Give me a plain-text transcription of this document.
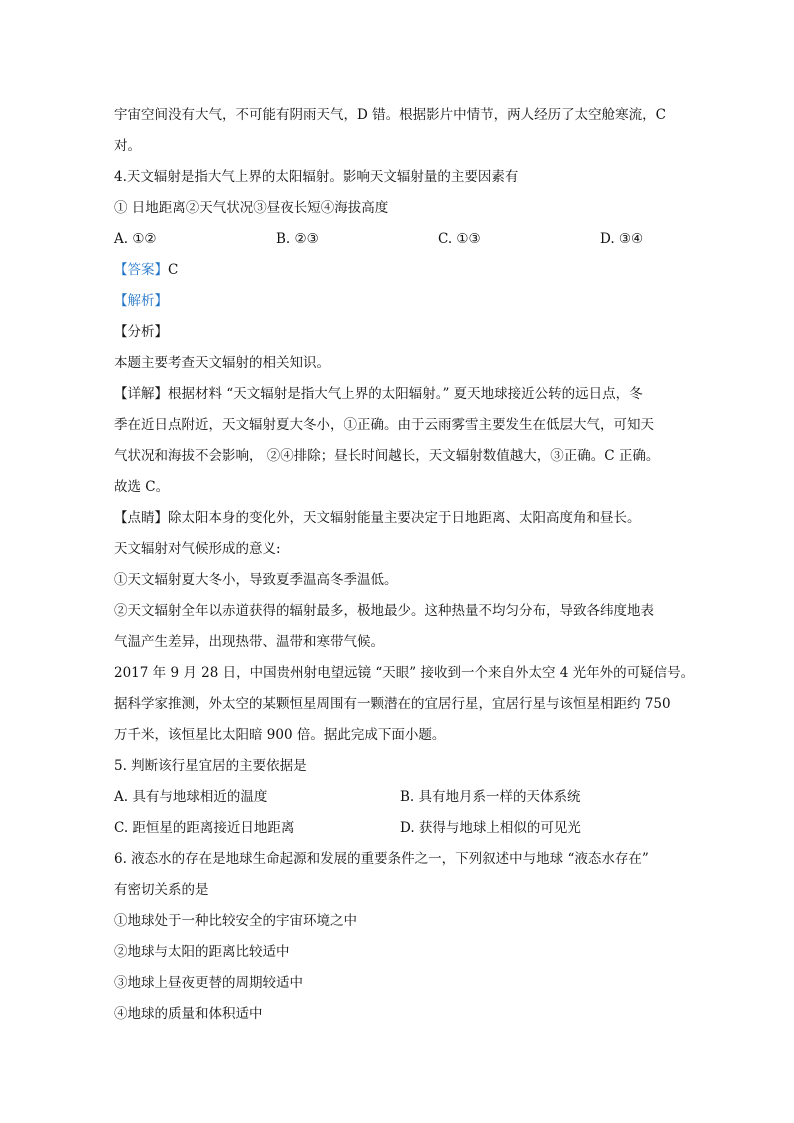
宇宙空间没有大气，不可能有阴雨天气，D 错。根据影片中情节，两人经历了太空舱寒流，C
对。
4.天文辐射是指大气上界的太阳辐射。影响天文辐射量的主要因素有
① 日地距离②天气状况③昼夜长短④海拔高度
A. ①②	B. ②③	C. ①③	D. ③④
【答案】C
【解析】
【分析】
本题主要考查天文辐射的相关知识。
【详解】根据材料 “天文辐射是指大气上界的太阳辐射。” 夏天地球接近公转的远日点，冬
季在近日点附近，天文辐射夏大冬小，①正确。由于云雨雾雪主要发生在低层大气，可知天
气状况和海拔不会影响， ②④排除；昼长时间越长，天文辐射数值越大，③正确。C 正确。
故选 C。
【点睛】除太阳本身的变化外，天文辐射能量主要决定于日地距离、太阳高度角和昼长。
天文辐射对气候形成的意义:
①天文辐射夏大冬小，导致夏季温高冬季温低。
②天文辐射全年以赤道获得的辐射最多，极地最少。这种热量不均匀分布，导致各纬度地表
气温产生差异，出现热带、温带和寒带气候。
2017 年 9 月 28 日，中国贵州射电望远镜 “天眼” 接收到一个来自外太空 4 光年外的可疑信号。
据科学家推测，外太空的某颗恒星周围有一颗潜在的宜居行星，宜居行星与该恒星相距约 750
万千米，该恒星比太阳暗 900 倍。据此完成下面小题。
5. 判断该行星宜居的主要依据是
A. 具有与地球相近的温度	B. 具有地月系一样的天体系统
C. 距恒星的距离接近日地距离	D. 获得与地球上相似的可见光
6. 液态水的存在是地球生命起源和发展的重要条件之一，下列叙述中与地球 “液态水存在”
有密切关系的是
①地球处于一种比较安全的宇宙环境之中
②地球与太阳的距离比较适中
③地球上昼夜更替的周期较适中
④地球的质量和体积适中
